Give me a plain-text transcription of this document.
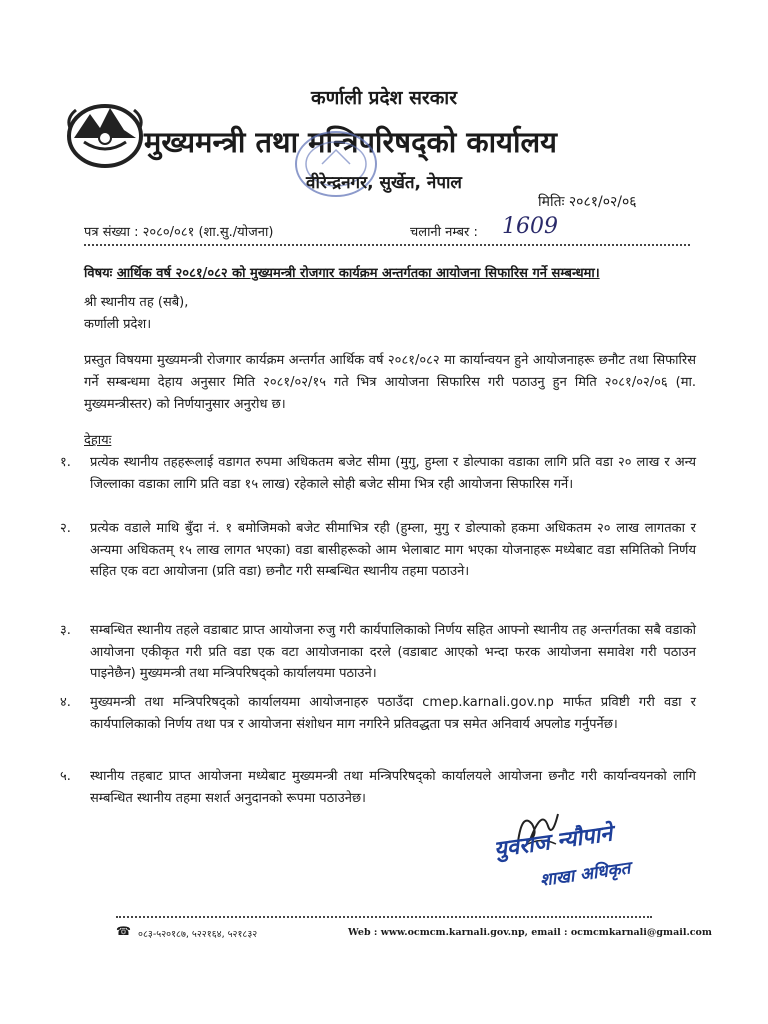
कर्णाली प्रदेश सरकार
मुख्यमन्त्री तथा मन्त्रिपरिषद्को कार्यालय
वीरेन्द्रनगर, सुर्खेत, नेपाल
मितिः २०८१/०२/०६
पत्र संख्या : २०८०/०८१ (शा.सु./योजना)	चलानी नम्बर : 1609
विषयः आर्थिक वर्ष २०८१/०८२ को मुख्यमन्त्री रोजगार कार्यक्रम अन्तर्गतका आयोजना सिफारिस गर्ने सम्बन्धमा।
श्री स्थानीय तह (सबै),
कर्णाली प्रदेश।
प्रस्तुत विषयमा मुख्यमन्त्री रोजगार कार्यक्रम अन्तर्गत आर्थिक वर्ष २०८१/०८२ मा कार्यान्वयन हुने आयोजनाहरू छनौट तथा सिफारिस गर्ने सम्बन्धमा देहाय अनुसार मिति २०८१/०२/१५ गते भित्र आयोजना सिफारिस गरी पठाउनु हुन मिति २०८१/०२/०६ (मा. मुख्यमन्त्रीस्तर) को निर्णयानुसार अनुरोध छ।
देहायः
१. प्रत्येक स्थानीय तहहरूलाई वडागत रुपमा अधिकतम बजेट सीमा (मुगु, हुम्ला र डोल्पाका वडाका लागि प्रति वडा २० लाख र अन्य जिल्लाका वडाका लागि प्रति वडा १५ लाख) रहेकाले सोही बजेट सीमा भित्र रही आयोजना सिफारिस गर्ने।
२. प्रत्येक वडाले माथि बुँदा नं. १ बमोजिमको बजेट सीमाभित्र रही (हुम्ला, मुगु र डोल्पाको हकमा अधिकतम २० लाख लागतका र अन्यमा अधिकतम् १५ लाख लागत भएका) वडा बासीहरूको आम भेलाबाट माग भएका योजनाहरू मध्येबाट वडा समितिको निर्णय सहित एक वटा आयोजना (प्रति वडा) छनौट गरी सम्बन्धित स्थानीय तहमा पठाउने।
३. सम्बन्धित स्थानीय तहले वडाबाट प्राप्त आयोजना रुजु गरी कार्यपालिकाको निर्णय सहित आफ्नो स्थानीय तह अन्तर्गतका सबै वडाको आयोजना एकीकृत गरी प्रति वडा एक वटा आयोजनाका दरले (वडाबाट आएको भन्दा फरक आयोजना समावेश गरी पठाउन पाइनेछैन) मुख्यमन्त्री तथा मन्त्रिपरिषद्को कार्यालयमा पठाउने।
४. मुख्यमन्त्री तथा मन्त्रिपरिषद्को कार्यालयमा आयोजनाहरु पठाउँदा cmep.karnali.gov.np मार्फत प्रविष्टी गरी वडा र कार्यपालिकाको निर्णय तथा पत्र र आयोजना संशोधन माग नगरिने प्रतिवद्धता पत्र समेत अनिवार्य अपलोड गर्नुपर्नेछ।
५. स्थानीय तहबाट प्राप्त आयोजना मध्येबाट मुख्यमन्त्री तथा मन्त्रिपरिषद्को कार्यालयले आयोजना छनौट गरी कार्यान्वयनको लागि सम्बन्धित स्थानीय तहमा सशर्त अनुदानको रूपमा पठाउनेछ।
युवराज न्यौपाने
शाखा अधिकृत
☎ ०८३-५२०१८७, ५२२१६४, ५२१८३२	Web : www.ocmcm.karnali.gov.np, email : ocmcmkarnali@gmail.com
